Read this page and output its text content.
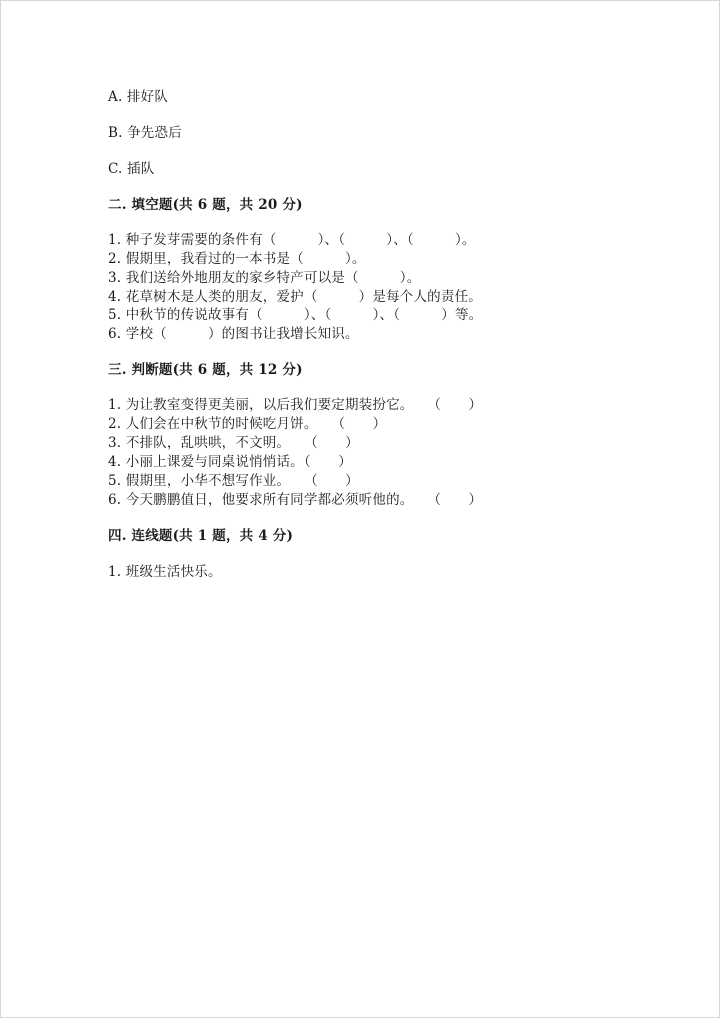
A. 排好队
B. 争先恐后
C. 插队
二. 填空题(共 6 题，共 20 分)
1. 种子发芽需要的条件有（　　　）、（　　　）、（　　　）。
2. 假期里，我看过的一本书是（　　　）。
3. 我们送给外地朋友的家乡特产可以是（　　　）。
4. 花草树木是人类的朋友，爱护（　　　）是每个人的责任。
5. 中秋节的传说故事有（　　　）、（　　　）、（　　　）等。
6. 学校（　　　）的图书让我增长知识。
三. 判断题(共 6 题，共 12 分)
1. 为让教室变得更美丽，以后我们要定期装扮它。　　（　　）
2. 人们会在中秋节的时候吃月饼。　　（　　）
3. 不排队，乱哄哄，不文明。　　（　　）
4. 小丽上课爱与同桌说悄悄话。（　　）
5. 假期里，小华不想写作业。　　（　　）
6. 今天鹏鹏值日，他要求所有同学都必须听他的。　　（　　）
四. 连线题(共 1 题，共 4 分)
1. 班级生活快乐。
